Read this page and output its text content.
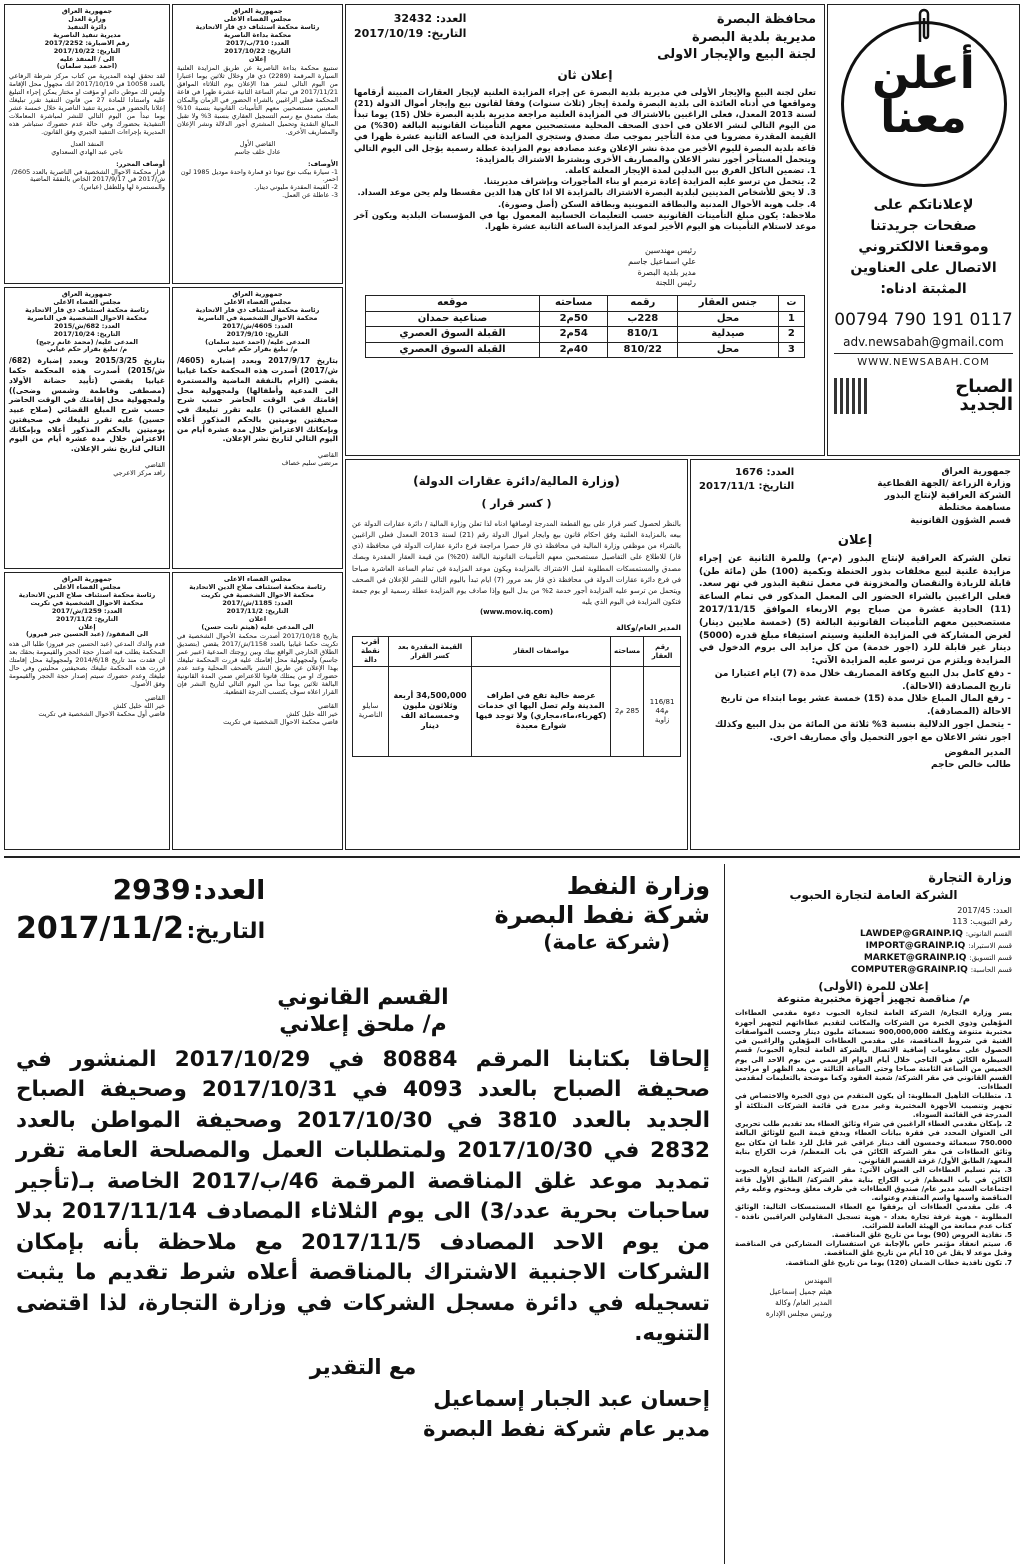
أعلن
معنا
لإعلاناتكم على
صفحات جريدتنا
وموقعنا الالكتروني
الاتصال على العناوين
المثبتة ادناه:
00794 790 191 0117
adv.newsabah@gmail.com
WWW.NEWSABAH.COM
الصباح
الجديد
محافظة البصرة
مديرية بلدية البصرة
لجنة البيع والإيجار الاولى
العدد: 32432
التاريخ: 2017/10/19
إعلان ثان
تعلن لجنة البيع والإيجار الأولى في مديرية بلدية البصرة عن إجراء المزايدة العلنية لإيجار العقارات المبينة أرقامها ومواقعها في أدناه العائدة الى بلدية البصرة ولمدة إيجار (ثلاث سنوات) وفقا لقانون بيع وإيجار أموال الدولة (21) لسنة 2013 المعدل، فعلى الراغبين بالاشتراك في المزايدة العلنية مراجعة مديرية بلدية البصرة خلال (15) يوما تبدأ من اليوم التالي لنشر الاعلان في احدى الصحف المحلية مستصحبين معهم التأمينات القانونية البالغة (30%) من القيمة المقدرة مضروبا في مدة التأجير بموجب صك مصدق وستجري المزايدة في الساعة الثانية عشرة ظهرا في قاعة بلدية البصرة لليوم الأخير من مدة نشر الإعلان وعند مصادفة يوم المزايدة عطلة رسمية يؤجل الى اليوم التالي ويتحمل المستأجر أجور نشر الاعلان والمصاريف الأخرى ويشترط الاشتراك بالمزايدة:
1. تضمين الناكل الفرق بين البدلين لمدة الإيجار المعلنة كاملة.
2. يتحمل من ترسو عليه المزايدة إعادة ترميم او بناء المأجورات وبإشراف مديريتنا.
3. لا يحق للأشخاص المدينين لبلدية البصرة الاشتراك بالمزايدة الا اذا كان هذا الدين مقسطا ولم يحن موعد السداد.
4. جلب هوية الأحوال المدنية والبطاقة التموينية وبطاقة السكن (أصل وصورة).
ملاحظة: يكون مبلغ التأمينات القانونية حسب التعليمات الحسابية المعمول بها في المؤسسات البلدية ويكون آخر موعد لاستلام التأمينات هو اليوم الأخير لموعد المزايدة الساعة الثانية عشرة ظهرا.
رئيس مهندسين
علي اسماعيل جاسم
مدير بلدية البصرة
رئيس اللجنة
ت	جنس العقار	رقمه	مساحته	موقعه
1	محل	228ب	50م2	صناعية حمدان
2	صيدلية	810/1	54م2	القبلة السوق العصري
3	محل	810/22	40م2	القبلة السوق العصري
جمهورية العراق
مجلس القضاء الاعلى
رئاسة محكمة استئناف ذي قار الاتحادية
محكمة بداءة الناصرية
العدد: 710/ب/2017
التاريخ: 2017/10/22
إعلان
ستبيع محكمة بداءة الناصرية عن طريق المزايدة العلنية السيارة المرقمة (2289) ذي قار وخلال ثلاثين يوما اعتبارا من اليوم التالي لنشر هذا الإعلان يوم الثلاثاء الموافق 2017/11/21 في تمام الساعة الثانية عشرة ظهرا في قاعة المحكمة فعلى الراغبين بالشراء الحضور في الزمان والمكان المعينين مستصحبين معهم التأمينات القانونية بنسبة 10% بصك مصدق مع رسم التسجيل العقاري بنسبة 3% ولا تقبل المبالغ النقدية وتحميل المشتري أجور الدلالة ونشر الإعلان والمصاريف الأخرى.
القاضي الأول
عادل خلف جاسم
الأوصاف:
1- سيارة بيكب نوع تيوتا ذو قمارة واحدة موديل 1985 لون احمر.
2- القيمة المقدرة مليوني دينار.
3- عاطلة عن العمل.
جمهورية العراق
وزارة العدل
دائرة التنفيذ
مديرية تنفيذ الناصرية
رقم الاضبارة: 2017/2252
التاريخ: 2017/10/22
الى / المنفذ عليه
(احمد عنيد سلمان)
لقد تحقق لهذه المديرية من كتاب مركز شرطة الرفاعي بالعدد 10058 في 2017/10/19 انك مجهول محل الإقامة وليس لك موطن دائم او مؤقت او مختار يمكن إجراء التبليغ عليه واستنادا للمادة 27 من قانون التنفيذ تقرر تبليغك إعلانا بالحضور في مديرية تنفيذ الناصرية خلال خمسة عشر يوما تبدأ من اليوم التالي للنشر لمباشرة المعاملات التنفيذية بحضورك وفي حالة عدم حضورك ستباشر هذه المديرية بإجراءات التنفيذ الجبري وفق القانون.
المنفذ العدل
ناجي عبد الهادي السعداوي
أوصاف المحرر:
قرار محكمة الاحوال الشخصية في الناصرية بالعدد 2605/ش/2017 في 2017/9/17 الخاص بالنفقة الماضية والمستمرة لها وللطفل (عباس).
جمهورية العراق
مجلس القضاء الاعلى
رئاسة محكمة استئناف ذي قار الاتحادية
محكمة الاحوال الشخصية في الناصرية
العدد: 4605/ش/2017
التاريخ: 2017/9/10
المدعى عليه/ (احمد عنيد سلمان)
م/ تبليغ بقرار حكم غيابي
بتاريخ 2017/9/17 وبعدد إضبارة (4605/ش/2017) أصدرت هذه المحكمة حكما غيابيا يقضي (الزام بالنفقة الماضية والمستمرة الى المدعية وأطفالها) ولمجهولية محل إقامتك في الوقت الحاضر حسب شرح المبلغ القضائي () عليه تقرر تبليغك في صحيفتين يوميتين بالحكم المذكور أعلاه وبإمكانك الاعتراض خلال مدة عشرة أيام من اليوم التالي لتاريخ نشر الإعلان.
القاضي
مرتضى سليم خصاف
جمهورية العراق
مجلس القضاء الاعلى
رئاسة محكمة استئناف ذي قار الاتحادية
محكمة الاحوال الشخصية في الناصرية
العدد: 682/ش/2015
التاريخ: 2017/10/24
المدعى عليه/ (محمد غانم رجيج)
م/ تبليغ بقرار حكم غيابي
بتاريخ 2015/3/25 وبعدد إضبارة (682/ش/2015) أصدرت هذه المحكمة حكما غيابيا يقضي (تأييد حضانة الأولاد (مصطفى وفاطمة وشمس وضحى)) ولمجهولية محل إقامتك في الوقت الحاضر حسب شرح المبلغ القضائي (صلاح عبيد حسين) عليه تقرر تبليغك في صحيفتين يوميتين بالحكم المذكور أعلاه وبإمكانك الاعتراض خلال مدة عشرة أيام من اليوم التالي لتاريخ نشر الإعلان.
القاضي
رافد مركز الاعرجي
مجلس القضاء الاعلى
رئاسة محكمة استئناف صلاح الدين الاتحادية
محكمة الاحوال الشخصية في تكريت
العدد: 1185/ش/2017
التاريخ: 2017/11/2
اعلان
الى المدعى عليه (هيثم ثابت حسن)
بتاريخ 2017/10/18 أصدرت محكمة الأحوال الشخصية في تكريت حكما غيابيا بالعدد 1158/ش/2017 يقضي (بتصديق الطلاق الخارجي الواقع بينك وبين زوجتك المدعية (عبير عمر جاسم) ولمجهولية محل إقامتك عليه قررت المحكمة تبليغك بهذا الإعلان عن طريق النشر بالصحف المحلية وعند عدم حضورك او من يمثلك قانونا للاعتراض ضمن المدة القانونية البالغة ثلاثين يوما تبدأ من اليوم التالي لتاريخ النشر فإن القرار اعلاه سوف يكتسب الدرجة القطعية.
القاضي
خير الله خليل كلش
قاضي محكمة الاحوال الشخصية في تكريت
جمهورية العراق
مجلس القضاء الاعلى
رئاسة محكمة استئناف صلاح الدين الاتحادية
محكمة الاحوال الشخصية في تكريت
العدد: 1259/ش/2017
التاريخ: 2017/11/2
إعلان
الى المفقود/ (عبد الحسين جبر فيروز)
قدم والدك المدعي (عبد الحسين جبر فيروز) طلبا الى هذه المحكمة يطلب فيه اصدار حجة الحجر والقيمومة بحقك بعد ان فقدت منذ تاريخ 2014/6/18 ولمجهولية محل إقامتك قررت هذه المحكمة تبليغك بصحيفتين محليتين وفي حال تبليغك وعدم حضورك سيتم إصدار حجة الحجر والقيمومة وفق الأصول.
القاضي
خير الله خليل كلش
قاضي أول محكمة الاحوال الشخصية في تكريت
(وزارة المالية/دائرة عقارات الدولة)
( كسر قرار )
بالنظر لحصول كسر قرار على بيع القطعة المدرجة اوصافها ادناه لذا تعلن وزارة المالية / دائرة عقارات الدولة عن بيعه بالمزايدة العلنية وفق احكام قانون بيع وايجار اموال الدولة رقم (21) لسنة 2013 المعدل فعلى الراغبين بالشراء من موظفي وزارة المالية في محافظة ذي قار حصرا مراجعة فرع دائرة عقارات الدولة في محافظة (ذي قار) للاطلاع على التفاصيل مستصحبين معهم التأمينات القانونية البالغة (20%) من قيمة العقار المقدرة وبصك مصدق والمستمسكات المطلوبة لقبل الاشتراك بالمزايدة ويكون موعد المزايدة في تمام الساعة العاشرة صباحا في فرع دائرة عقارات الدولة في محافظة ذي قار بعد مرور (7) ايام تبدأ باليوم التالي للنشر للإعلان في الصحف ويتحمل من ترسو عليه المزايدة أجور خدمة 2% من بدل البيع وإذا صادف يوم المزايدة عطلة رسمية او يوم جمعة فتكون المزايدة في اليوم الذي يليه
(www.mov.iq.com)
المدير العام/وكالة
رقم العقار	مساحته	مواصفات العقار	القيمة المقدرة بعد كسر القرار	أقرب نقطة دالة
116/81 م44 زاوية	285 م2	عرصة خالية تقع في اطراف المدينة ولم تصل اليها اي خدمات (كهرباء،ماء،مجاري) ولا توجد فيها شوارع معبدة	34,500,000 أربعة وثلاثون مليون وخمسمائة الف دينار	سايلو الناصرية
جمهورية العراق
وزارة الزراعة /الجهة القطاعية
الشركة العراقية لإنتاج البذور
مساهمة مختلطة
قسم الشؤون القانونية
العدد: 1676
التاريخ: 2017/11/1
إعلان
تعلن الشركة العراقية لإنتاج البذور (م-م) وللمرة الثانية عن إجراء مزايدة علنية لبيع مخلفات بذور الحنطة وبكمية (100) طن (مائة طن) قابلة للزيادة والنقصان والمخزونة في معمل تنقية البذور في نهر سعد. فعلى الراغبين بالشراء الحضور الى المعمل المذكور في تمام الساعة (11) الحادية عشرة من صباح يوم الاربعاء الموافق 2017/11/15 مستصحبين معهم التأمينات القانونية البالغة (5) (خمسة ملايين دينار) لغرض المشاركة في المزايدة العلنية وسيتم استيفاء مبلغ قدره (5000) دينار غير قابلة للرد (اجور خدمة) من كل مزايد الى بروم الدخول في المزايدة ويلتزم من ترسو عليه المزايدة الآتي:
- دفع كامل بدل البيع وكافة المصاريف خلال مدة (7) ايام اعتبارا من تاريخ المصادقة (الاحالة).
- رفع المال المباع خلال مدة (15) خمسة عشر يوما ابتداء من تاريخ الاحالة (المصادقة).
- يتحمل اجور الدلالية بنسبة 3% ثلاثة من المائة من بدل البيع وكذلك اجور نشر الاعلان مع اجور التحميل وأي مصاريف اخرى.
المدير المفوض
طالب خالص حاجم
وزارة التجارة
الشركة العامة لتجارة الحبوب
العدد: 2017/45
رقم التبويب: 113
القسم القانوني: LAWDEP@GRAINP.IQ
قسم الاستيراد: IMPORT@GRAINP.IQ
قسم التسويق: MARKET@GRAINP.IQ
قسم الحاسبة: COMPUTER@GRAINP.IQ
إعلان للمرة (الأولى)
م/ مناقصة تجهيز أجهزة مختبرية متنوعة
يسر وزارة التجارة/ الشركة العامة لتجارة الحبوب دعوة مقدمي العطاءات المؤهلين وذوي الخبرة من الشركات والمكاتب لتقديم عطاءاتهم لتجهيز أجهزة مختبرية متنوعة وبكلفة 900,000,000 تسعمائة مليون دينار وحسب المواصفات الفنية في شروط المناقصة، على مقدمي العطاءات المؤهلين والراغبين في الحصول على معلومات إضافية الاتصال بالشركة العامة لتجارة الحبوب/ قسم السيطرة الكائن في التاجي خلال أيام الدوام الرسمي من يوم الاحد الى يوم الخميس من الساعة الثامنة صباحا وحتى الساعة الثالثة من بعد الظهر او مراجعة القسم القانوني في مقر الشركة/ شعبة العقود وكما موضحة بالتعليمات لمقدمي العطاءات.
1. متطلبات التأهيل المطلوبة: أن يكون المتقدم من ذوي الخبرة والاختصاص في تجهيز وتنصيب الأجهزة المختبرية وغير مدرج في قائمة الشركات المتلكئة أو المدرجة في القائمة السوداء.
2. بإمكان مقدمي العطاء الراغبين في شراء وثائق العطاء بعد تقديم طلب تحريري الى العنوان المحدد في فقرة بيانات العطاء وبدفع قيمة البيع للوثائق البالغة 750.000 سبعمائة وخمسون ألف دينار عراقي غير قابل للرد علما ان مكان بيع وثائق العطاءات في مقر الشركة الكائن في باب المعظم/ قرب الكراج بناية المعهد/ الطابق الأول/ غرفة القسم القانوني.
3. يتم تسليم العطاءات الى العنوان الآتي: مقر الشركة العامة لتجارة الحبوب الكائن في باب المعظم/ قرب الكراج بناية مقر الشركة/ الطابق الأول قاعة اجتماعات السيد مدير عام/ صندوق العطاءات في ظرف مغلق ومختوم وعليه رقم المناقصة واسمها واسم المتقدم وعنوانه.
4. على مقدمي العطاءات أن يرفقوا مع العطاء المستمسكات التالية: الوثائق المطلوبة - هوية غرفة تجارة بغداد - هوية تسجيل المقاولين العراقيين نافذة - كتاب عدم ممانعة من الهيئة العامة للضرائب.
5. نفاذية العروض (90) يوما من تاريخ غلق المناقصة.
6. سيتم انعقاد مؤتمر خاص بالإجابة عن استفسارات المشاركين في المناقصة وقبل موعد لا يقل عن 10 أيام من تاريخ غلق المناقصة.
7. تكون نافذية خطاب الضمان (120) يوما من تاريخ غلق المناقصة.
المهندس
هيثم جميل إسماعيل
المدير العام/ وكالة
ورئيس مجلس الإدارة
وزارة النفط
شركة نفط البصرة
(شركة عامة)
العدد: 2939
التاريخ: 2017/11/2
القسم القانوني
م/ ملحق إعلاني
إلحاقا بكتابنا المرقم 80884 في 2017/10/29 المنشور في صحيفة الصباح بالعدد 4093 في 2017/10/31 وصحيفة الصباح الجديد بالعدد 3810 في 2017/10/30 وصحيفة المواطن بالعدد 2832 في 2017/10/30 ولمتطلبات العمل والمصلحة العامة تقرر تمديد موعد غلق المناقصة المرقمة 46/ب/2017 الخاصة بـ(تأجير ساحبات بحرية عدد/3) الى يوم الثلاثاء المصادف 2017/11/14 بدلا من يوم الاحد المصادف 2017/11/5 مع ملاحظة بأنه بإمكان الشركات الاجنبية الاشتراك بالمناقصة أعلاه شرط تقديم ما يثبت تسجيله في دائرة مسجل الشركات في وزارة التجارة، لذا اقتضى التنويه.
مع التقدير
إحسان عبد الجبار إسماعيل
مدير عام شركة نفط البصرة
